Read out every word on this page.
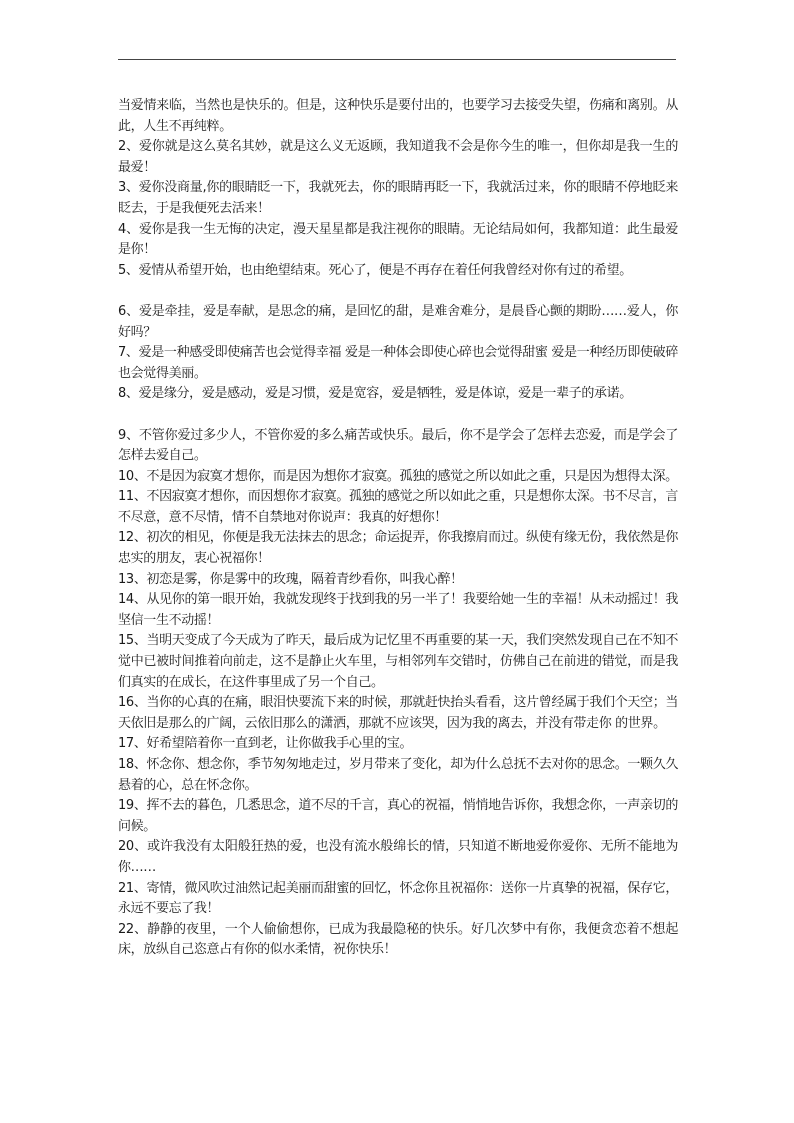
当爱情来临，当然也是快乐的。但是，这种快乐是要付出的，也要学习去接受失望，伤痛和离别。从此，人生不再纯粹。

2、爱你就是这么莫名其妙，就是这么义无返顾，我知道我不会是你今生的唯一，但你却是我一生的最爱！

3、爱你没商量,你的眼睛眨一下，我就死去，你的眼睛再眨一下，我就活过来，你的眼睛不停地眨来眨去，于是我便死去活来！

4、爱你是我一生无悔的决定，漫天星星都是我注视你的眼睛。无论结局如何，我都知道：此生最爱是你！

5、爱情从希望开始，也由绝望结束。死心了，便是不再存在着任何我曾经对你有过的希望。

6、爱是牵挂，爱是奉献，是思念的痛，是回忆的甜，是难舍难分，是晨昏心颤的期盼……爱人，你好吗？

7、爱是一种感受即使痛苦也会觉得幸福 爱是一种体会即使心碎也会觉得甜蜜 爱是一种经历即使破碎也会觉得美丽。

8、爱是缘分，爱是感动，爱是习惯，爱是宽容，爱是牺牲，爱是体谅，爱是一辈子的承诺。

9、不管你爱过多少人，不管你爱的多么痛苦或快乐。最后，你不是学会了怎样去恋爱，而是学会了怎样去爱自己。

10、不是因为寂寞才想你，而是因为想你才寂寞。孤独的感觉之所以如此之重，只是因为想得太深。

11、不因寂寞才想你，而因想你才寂寞。孤独的感觉之所以如此之重，只是想你太深。书不尽言，言不尽意，意不尽情，情不自禁地对你说声：我真的好想你！

12、初次的相见，你便是我无法抹去的思念；命运捉弄，你我擦肩而过。纵使有缘无份，我依然是你忠实的朋友，衷心祝福你！

13、初恋是雾，你是雾中的玫瑰，隔着青纱看你，叫我心醉！

14、从见你的第一眼开始，我就发现终于找到我的另一半了！我要给她一生的幸福！从未动摇过！我坚信一生不动摇！

15、当明天变成了今天成为了昨天，最后成为记忆里不再重要的某一天，我们突然发现自己在不知不觉中已被时间推着向前走，这不是静止火车里，与相邻列车交错时，仿佛自己在前进的错觉，而是我们真实的在成长，在这件事里成了另一个自己。

16、当你的心真的在痛，眼泪快要流下来的时候，那就赶快抬头看看，这片曾经属于我们个天空；当天依旧是那么的广阔，云依旧那么的潇洒，那就不应该哭，因为我的离去，并没有带走你 的世界。

17、好希望陪着你一直到老，让你做我手心里的宝。

18、怀念你、想念你，季节匆匆地走过，岁月带来了变化，却为什么总抚不去对你的思念。一颗久久悬着的心，总在怀念你。

19、挥不去的暮色，几悉思念，道不尽的千言，真心的祝福，悄悄地告诉你，我想念你，一声亲切的问候。

20、或许我没有太阳般狂热的爱，也没有流水般绵长的情，只知道不断地爱你爱你、无所不能地为你……

21、寄情，微风吹过油然记起美丽而甜蜜的回忆，怀念你且祝福你：送你一片真挚的祝福，保存它，永远不要忘了我！

22、静静的夜里，一个人偷偷想你，已成为我最隐秘的快乐。好几次梦中有你，我便贪恋着不想起床，放纵自己恣意占有你的似水柔情，祝你快乐！
